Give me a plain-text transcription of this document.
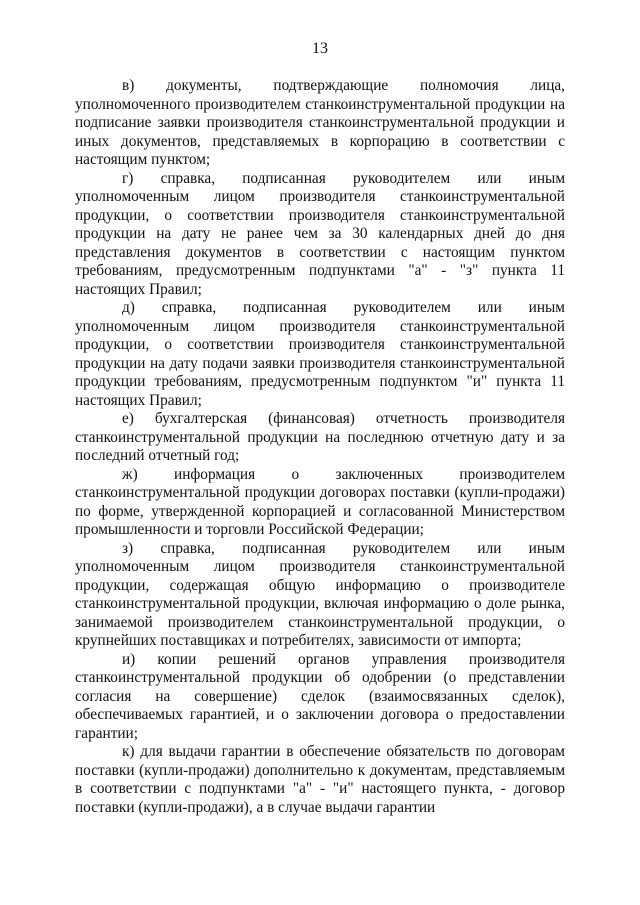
13

в) документы, подтверждающие полномочия лица, уполномоченного производителем станкоинструментальной продукции на подписание заявки производителя станкоинструментальной продукции и иных документов, представляемых в корпорацию в соответствии с настоящим пунктом;

г) справка, подписанная руководителем или иным уполномоченным лицом производителя станкоинструментальной продукции, о соответствии производителя станкоинструментальной продукции на дату не ранее чем за 30 календарных дней до дня представления документов в соответствии с настоящим пунктом требованиям, предусмотренным подпунктами "а" - "з" пункта 11 настоящих Правил;

д) справка, подписанная руководителем или иным уполномоченным лицом производителя станкоинструментальной продукции, о соответствии производителя станкоинструментальной продукции на дату подачи заявки производителя станкоинструментальной продукции требованиям, предусмотренным подпунктом "и" пункта 11 настоящих Правил;

е) бухгалтерская (финансовая) отчетность производителя станкоинструментальной продукции на последнюю отчетную дату и за последний отчетный год;

ж) информация о заключенных производителем станкоинструментальной продукции договорах поставки (купли-продажи) по форме, утвержденной корпорацией и согласованной Министерством промышленности и торговли Российской Федерации;

з) справка, подписанная руководителем или иным уполномоченным лицом производителя станкоинструментальной продукции, содержащая общую информацию о производителе станкоинструментальной продукции, включая информацию о доле рынка, занимаемой производителем станкоинструментальной продукции, о крупнейших поставщиках и потребителях, зависимости от импорта;

и) копии решений органов управления производителя станкоинструментальной продукции об одобрении (о представлении согласия на совершение) сделок (взаимосвязанных сделок), обеспечиваемых гарантией, и о заключении договора о предоставлении гарантии;

к) для выдачи гарантии в обеспечение обязательств по договорам поставки (купли-продажи) дополнительно к документам, представляемым в соответствии с подпунктами "а" - "и" настоящего пункта, - договор поставки (купли-продажи), а в случае выдачи гарантии
